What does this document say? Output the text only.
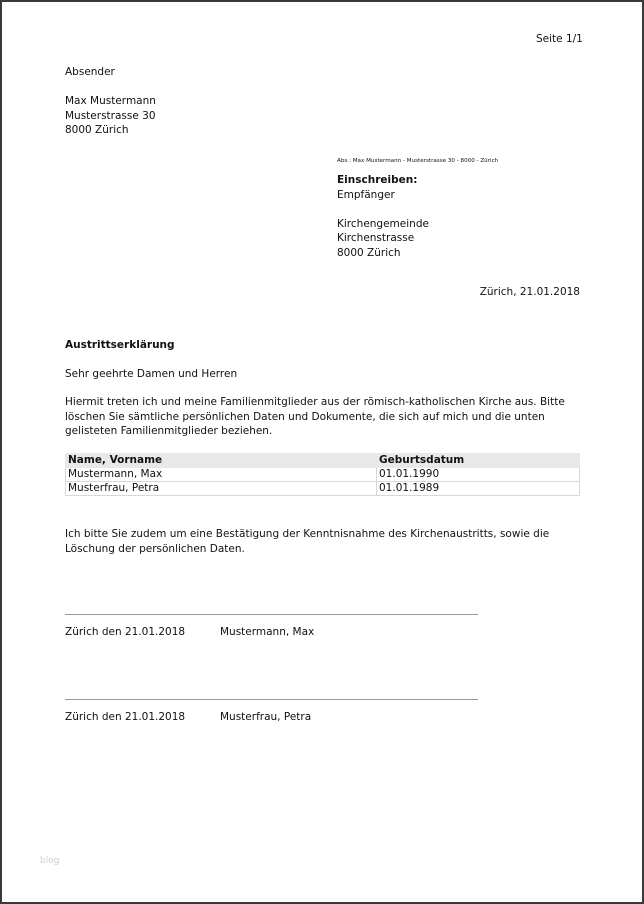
Seite 1/1
Absender
Max Mustermann
Musterstrasse 30
8000 Zürich
Abs.: Max Mustermann - Musterstrasse 30 - 8000 - Zürich
Einschreiben:
Empfänger
Kirchengemeinde
Kirchenstrasse
8000 Zürich
Zürich, 21.01.2018
Austrittserklärung
Sehr geehrte Damen und Herren
Hiermit treten ich und meine Familienmitglieder aus der römisch-katholischen Kirche aus. Bitte löschen Sie sämtliche persönlichen Daten und Dokumente, die sich auf mich und die unten gelisteten Familienmitglieder beziehen.
Name, Vorname	Geburtsdatum
Mustermann, Max	01.01.1990
Musterfrau, Petra	01.01.1989
Ich bitte Sie zudem um eine Bestätigung der Kenntnisnahme des Kirchenaustritts, sowie die Löschung der persönlichen Daten.
Zürich den 21.01.2018	Mustermann, Max
Zürich den 21.01.2018	Musterfrau, Petra
blog
